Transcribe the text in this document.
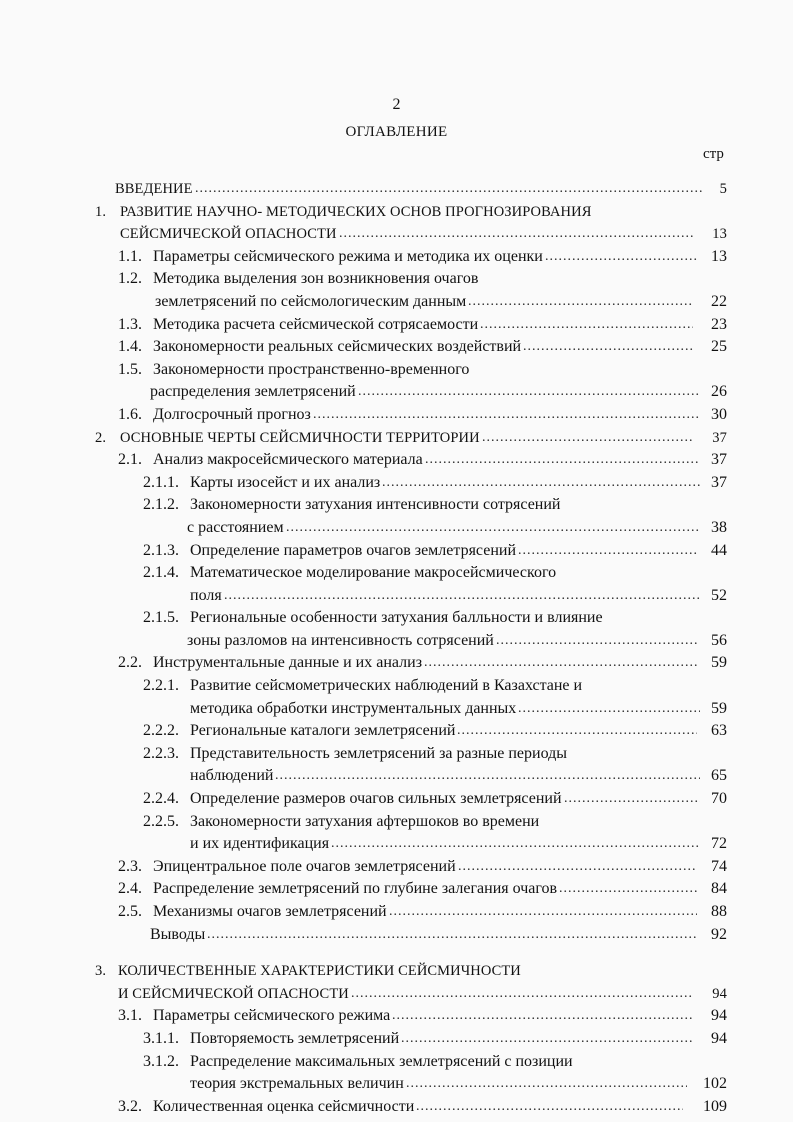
2
ОГЛАВЛЕНИЕ
стр
ВВЕДЕНИЕ	5
.....
1. РАЗВИТИЕ НАУЧНО- МЕТОДИЧЕСКИХ ОСНОВ ПРОГНОЗИРОВАНИЯ
СЕЙСМИЧЕСКОЙ ОПАСНОСТИ	13
.....
1.1. Параметры сейсмического режима и методика их оценки	13
.....
1.2. Методика выделения зон возникновения очагов
землетрясений по сейсмологическим данным	22
.....
1.3. Методика расчета сейсмической сотрясаемости	23
.....
1.4. Закономерности реальных сейсмических воздействий	25
.....
1.5. Закономерности пространственно-временного
распределения землетрясений	26
.....
1.6. Долгосрочный прогноз	30
.....
2. ОСНОВНЫЕ ЧЕРТЫ СЕЙСМИЧНОСТИ ТЕРРИТОРИИ	37
.....
2.1. Анализ макросейсмического материала	37
.....
2.1.1. Карты изосейст и их анализ	37
.....
2.1.2. Закономерности затухания интенсивности сотрясений
с расстоянием	38
.....
2.1.3. Определение параметров очагов землетрясений	44
.....
2.1.4. Математическое моделирование макросейсмического
поля	52
.....
2.1.5. Региональные особенности затухания балльности и влияние
зоны разломов на интенсивность сотрясений	56
.....
2.2. Инструментальные данные и их анализ	59
.....
2.2.1. Развитие сейсмометрических наблюдений в Казахстане и
методика обработки инструментальных данных	59
.....
2.2.2. Региональные каталоги землетрясений	63
.....
2.2.3. Представительность землетрясений за разные периоды
наблюдений	65
.....
2.2.4. Определение размеров очагов сильных землетрясений	70
.....
2.2.5. Закономерности затухания афтершоков во времени
и их идентификация	72
.....
2.3. Эпицентральное поле очагов землетрясений	74
.....
2.4. Распределение землетрясений по глубине залегания очагов	84
.....
2.5. Механизмы очагов землетрясений	88
.....
Выводы	92
.....
3. КОЛИЧЕСТВЕННЫЕ ХАРАКТЕРИСТИКИ СЕЙСМИЧНОСТИ
И СЕЙСМИЧЕСКОЙ ОПАСНОСТИ	94
.....
3.1. Параметры сейсмического режима	94
.....
3.1.1. Повторяемость землетрясений	94
.....
3.1.2. Распределение максимальных землетрясений с позиции
теория экстремальных величин	102
.....
3.2. Количественная оценка сейсмичности	109
.....
